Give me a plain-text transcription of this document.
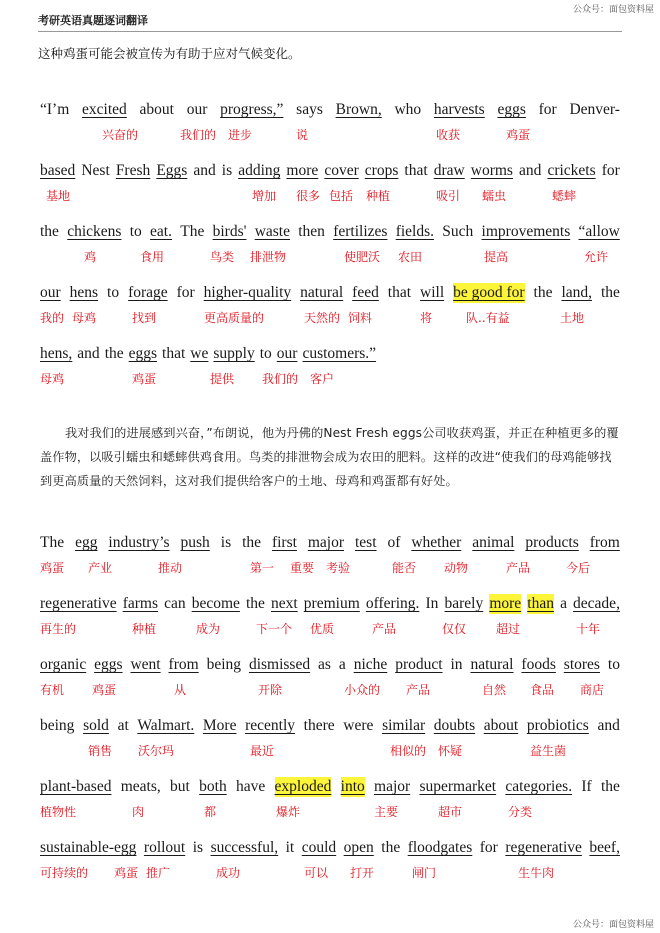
公众号：面包资料屋
考研英语真题逐词翻译
这种鸡蛋可能会被宣传为有助于应对气候变化。
“I’m excited about our progress,” says Brown, who harvests eggs for Denver-
兴奋的	我们的 进步	说	收获	鸡蛋
based Nest Fresh Eggs and is adding more cover crops that draw worms and crickets for
基地	增加 很多 包括 种植	吸引 蠕虫	蟋蟀
the chickens to eat. The birds' waste then fertilizes fields. Such improvements “allow
鸡	食用	鸟类 排泄物	使肥沃 农田	提高	允许
our hens to forage for higher-quality natural feed that will be good for the land, the
我的 母鸡	找到	更高质量的	天然的 饲料	将	队..有益	土地
hens, and the eggs that we supply to our customers.”
母鸡	鸡蛋	提供 我们的 客户
我对我们的进展感到兴奋，”布朗说，他为丹佛的Nest Fresh eggs公司收获鸡蛋，并正在种植更多的覆盖作物，以吸引蠕虫和蟋蟀供鸡食用。鸟类的排泄物会成为农田的肥料。这样的改进“使我们的母鸡能够找到更高质量的天然饲料，这对我们提供给客户的土地、母鸡和鸡蛋都有好处。
The egg industry’s push is the first major test of whether animal products from
鸡蛋 产业	推动	第一 重要 考验	能否 动物	产品	今后
regenerative farms can become the next premium offering. In barely more than a decade,
再生的	种植	成为	下一个 优质	产品	仅仅 超过	十年
organic eggs went from being dismissed as a niche product in natural foods stores to
有机 鸡蛋	从	开除	小众的 产品	自然 食品 商店
being sold at Walmart. More recently there were similar doubts about probiotics and
销售 沃尔玛	最近	相似的 怀疑	益生菌
plant-based meats, but both have exploded into major supermarket categories. If the
植物性	肉	都	爆炸	主要	超市	分类
sustainable-egg rollout is successful, it could open the floodgates for regenerative beef,
可持续的 鸡蛋 推广	成功	可以 打开	闸门	生牛肉
公众号：面包资料屋
